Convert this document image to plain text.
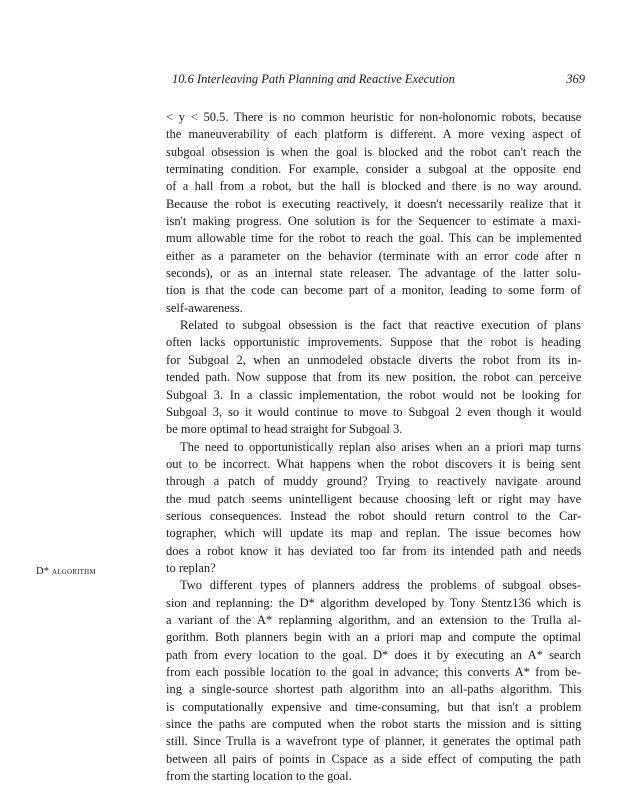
10.6 Interleaving Path Planning and Reactive Execution	369
D* algorithm
< y < 50.5. There is no common heuristic for non-holonomic robots, because
the maneuverability of each platform is different. A more vexing aspect of
subgoal obsession is when the goal is blocked and the robot can't reach the
terminating condition. For example, consider a subgoal at the opposite end
of a hall from a robot, but the hall is blocked and there is no way around.
Because the robot is executing reactively, it doesn't necessarily realize that it
isn't making progress. One solution is for the Sequencer to estimate a maxi-
mum allowable time for the robot to reach the goal. This can be implemented
either as a parameter on the behavior (terminate with an error code after n
seconds), or as an internal state releaser. The advantage of the latter solu-
tion is that the code can become part of a monitor, leading to some form of
self-awareness.
Related to subgoal obsession is the fact that reactive execution of plans
often lacks opportunistic improvements. Suppose that the robot is heading
for Subgoal 2, when an unmodeled obstacle diverts the robot from its in-
tended path. Now suppose that from its new position, the robot can perceive
Subgoal 3. In a classic implementation, the robot would not be looking for
Subgoal 3, so it would continue to move to Subgoal 2 even though it would
be more optimal to head straight for Subgoal 3.
The need to opportunistically replan also arises when an a priori map turns
out to be incorrect. What happens when the robot discovers it is being sent
through a patch of muddy ground? Trying to reactively navigate around
the mud patch seems unintelligent because choosing left or right may have
serious consequences. Instead the robot should return control to the Car-
tographer, which will update its map and replan. The issue becomes how
does a robot know it has deviated too far from its intended path and needs
to replan?
Two different types of planners address the problems of subgoal obses-
sion and replanning: the D* algorithm developed by Tony Stentz136 which is
a variant of the A* replanning algorithm, and an extension to the Trulla al-
gorithm. Both planners begin with an a priori map and compute the optimal
path from every location to the goal. D* does it by executing an A* search
from each possible location to the goal in advance; this converts A* from be-
ing a single-source shortest path algorithm into an all-paths algorithm. This
is computationally expensive and time-consuming, but that isn't a problem
since the paths are computed when the robot starts the mission and is sitting
still. Since Trulla is a wavefront type of planner, it generates the optimal path
between all pairs of points in Cspace as a side effect of computing the path
from the starting location to the goal.
